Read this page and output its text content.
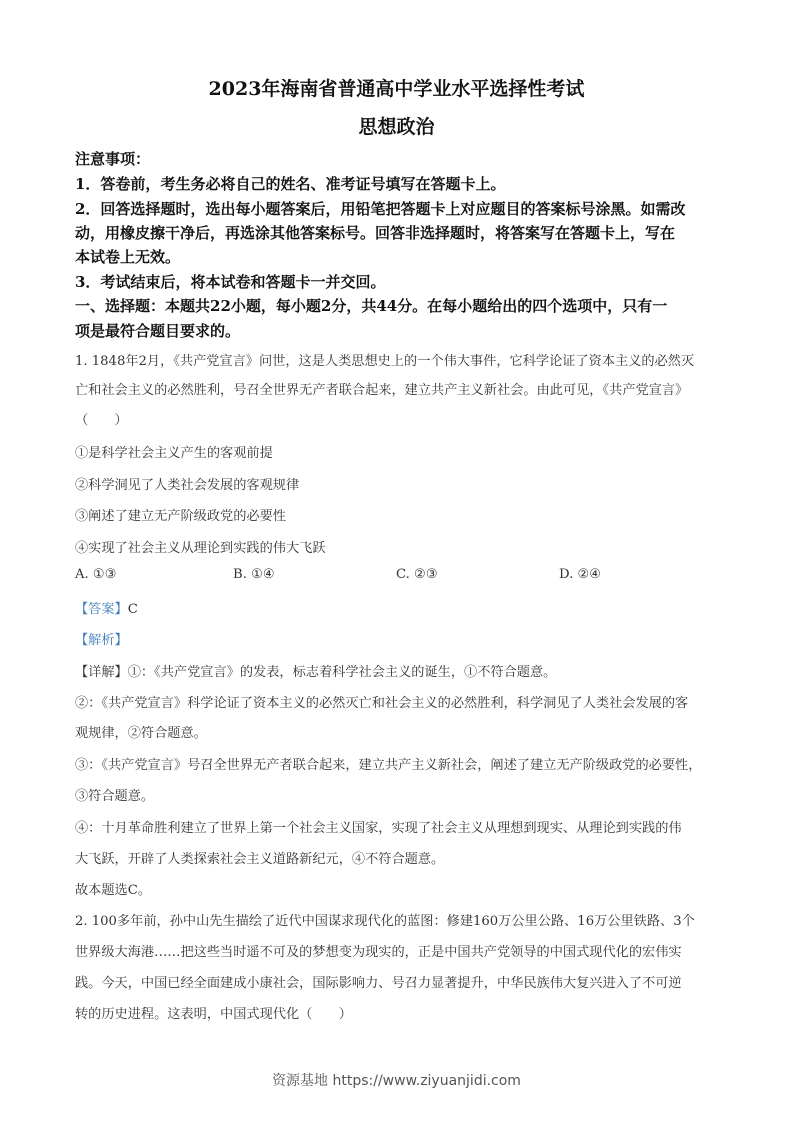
2023年海南省普通高中学业水平选择性考试
思想政治
注意事项：
1．答卷前，考生务必将自己的姓名、准考证号填写在答题卡上。
2．回答选择题时，选出每小题答案后，用铅笔把答题卡上对应题目的答案标号涂黑。如需改
动，用橡皮擦干净后，再选涂其他答案标号。回答非选择题时，将答案写在答题卡上，写在
本试卷上无效。
3．考试结束后，将本试卷和答题卡一并交回。
一、选择题：本题共22小题，每小题2分，共44分。在每小题给出的四个选项中，只有一
项是最符合题目要求的。
1. 1848年2月，《共产党宣言》问世，这是人类思想史上的一个伟大事件，它科学论证了资本主义的必然灭
亡和社会主义的必然胜利，号召全世界无产者联合起来，建立共产主义新社会。由此可见，《共产党宣言》
（　　）
①是科学社会主义产生的客观前提
②科学洞见了人类社会发展的客观规律
③阐述了建立无产阶级政党的必要性
④实现了社会主义从理论到实践的伟大飞跃
A. ①③	B. ①④	C. ②③	D. ②④
【答案】C
【解析】
【详解】①：《共产党宣言》的发表，标志着科学社会主义的诞生，①不符合题意。
②：《共产党宣言》科学论证了资本主义的必然灭亡和社会主义的必然胜利，科学洞见了人类社会发展的客
观规律，②符合题意。
③：《共产党宣言》号召全世界无产者联合起来，建立共产主义新社会，阐述了建立无产阶级政党的必要性，
③符合题意。
④：十月革命胜利建立了世界上第一个社会主义国家，实现了社会主义从理想到现实、从理论到实践的伟
大飞跃，开辟了人类探索社会主义道路新纪元，④不符合题意。
故本题选C。
2. 100多年前，孙中山先生描绘了近代中国谋求现代化的蓝图：修建160万公里公路、16万公里铁路、3个
世界级大海港……把这些当时遥不可及的梦想变为现实的，正是中国共产党领导的中国式现代化的宏伟实
践。今天，中国已经全面建成小康社会，国际影响力、号召力显著提升，中华民族伟大复兴进入了不可逆
转的历史进程。这表明，中国式现代化（　　）
资源基地 https://www.ziyuanjidi.com
